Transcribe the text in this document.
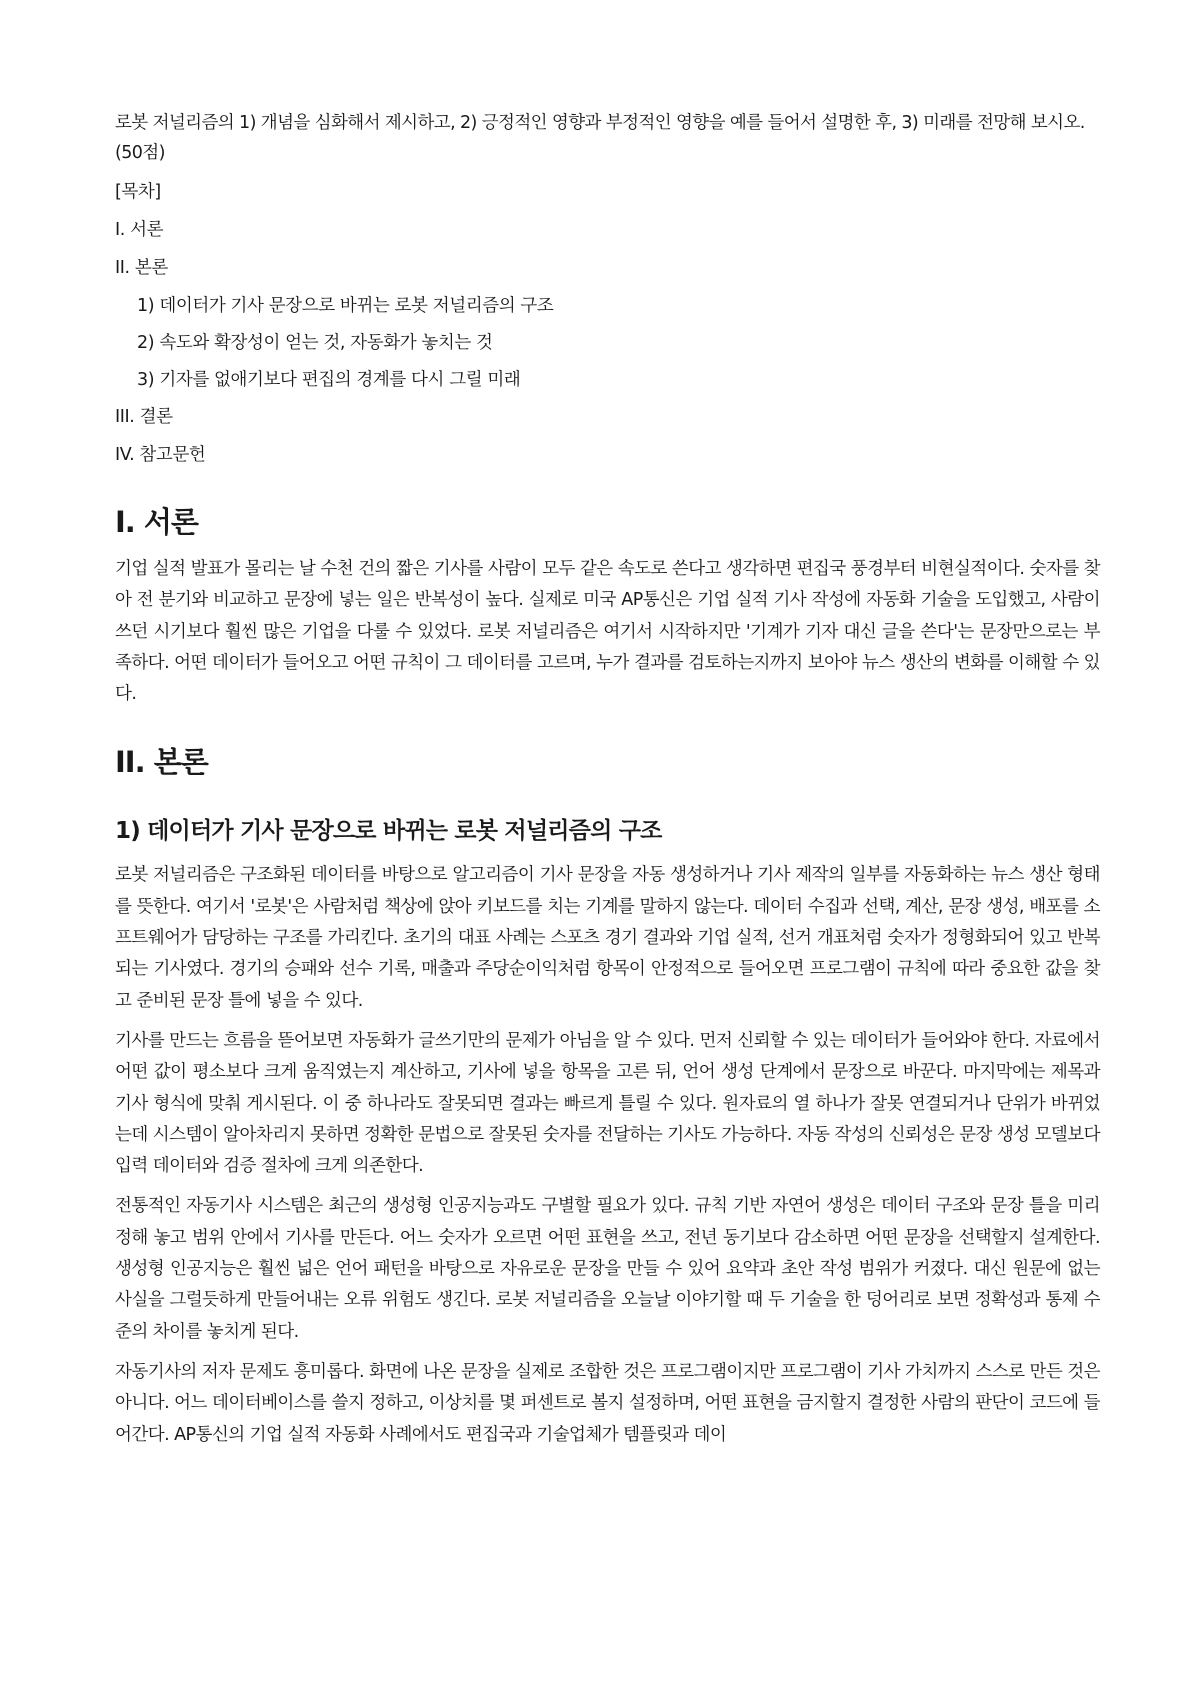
로봇 저널리즘의 1) 개념을 심화해서 제시하고, 2) 긍정적인 영향과 부정적인 영향을 예를 들어서 설명한 후, 3) 미래를 전망해 보시오. (50점)

[목차]

I. 서론

II. 본론

1) 데이터가 기사 문장으로 바뀌는 로봇 저널리즘의 구조

2) 속도와 확장성이 얻는 것, 자동화가 놓치는 것

3) 기자를 없애기보다 편집의 경계를 다시 그릴 미래

III. 결론

IV. 참고문헌

I. 서론

기업 실적 발표가 몰리는 날 수천 건의 짧은 기사를 사람이 모두 같은 속도로 쓴다고 생각하면 편집국 풍경부터 비현실적이다. 숫자를 찾아 전 분기와 비교하고 문장에 넣는 일은 반복성이 높다. 실제로 미국 AP통신은 기업 실적 기사 작성에 자동화 기술을 도입했고, 사람이 쓰던 시기보다 훨씬 많은 기업을 다룰 수 있었다. 로봇 저널리즘은 여기서 시작하지만 '기계가 기자 대신 글을 쓴다'는 문장만으로는 부족하다. 어떤 데이터가 들어오고 어떤 규칙이 그 데이터를 고르며, 누가 결과를 검토하는지까지 보아야 뉴스 생산의 변화를 이해할 수 있다.

II. 본론
1) 데이터가 기사 문장으로 바뀌는 로봇 저널리즘의 구조

로봇 저널리즘은 구조화된 데이터를 바탕으로 알고리즘이 기사 문장을 자동 생성하거나 기사 제작의 일부를 자동화하는 뉴스 생산 형태를 뜻한다. 여기서 '로봇'은 사람처럼 책상에 앉아 키보드를 치는 기계를 말하지 않는다. 데이터 수집과 선택, 계산, 문장 생성, 배포를 소프트웨어가 담당하는 구조를 가리킨다. 초기의 대표 사례는 스포츠 경기 결과와 기업 실적, 선거 개표처럼 숫자가 정형화되어 있고 반복되는 기사였다. 경기의 승패와 선수 기록, 매출과 주당순이익처럼 항목이 안정적으로 들어오면 프로그램이 규칙에 따라 중요한 값을 찾고 준비된 문장 틀에 넣을 수 있다.

기사를 만드는 흐름을 뜯어보면 자동화가 글쓰기만의 문제가 아님을 알 수 있다. 먼저 신뢰할 수 있는 데이터가 들어와야 한다. 자료에서 어떤 값이 평소보다 크게 움직였는지 계산하고, 기사에 넣을 항목을 고른 뒤, 언어 생성 단계에서 문장으로 바꾼다. 마지막에는 제목과 기사 형식에 맞춰 게시된다. 이 중 하나라도 잘못되면 결과는 빠르게 틀릴 수 있다. 원자료의 열 하나가 잘못 연결되거나 단위가 바뀌었는데 시스템이 알아차리지 못하면 정확한 문법으로 잘못된 숫자를 전달하는 기사도 가능하다. 자동 작성의 신뢰성은 문장 생성 모델보다 입력 데이터와 검증 절차에 크게 의존한다.

전통적인 자동기사 시스템은 최근의 생성형 인공지능과도 구별할 필요가 있다. 규칙 기반 자연어 생성은 데이터 구조와 문장 틀을 미리 정해 놓고 범위 안에서 기사를 만든다. 어느 숫자가 오르면 어떤 표현을 쓰고, 전년 동기보다 감소하면 어떤 문장을 선택할지 설계한다. 생성형 인공지능은 훨씬 넓은 언어 패턴을 바탕으로 자유로운 문장을 만들 수 있어 요약과 초안 작성 범위가 커졌다. 대신 원문에 없는 사실을 그럴듯하게 만들어내는 오류 위험도 생긴다. 로봇 저널리즘을 오늘날 이야기할 때 두 기술을 한 덩어리로 보면 정확성과 통제 수준의 차이를 놓치게 된다.

자동기사의 저자 문제도 흥미롭다. 화면에 나온 문장을 실제로 조합한 것은 프로그램이지만 프로그램이 기사 가치까지 스스로 만든 것은 아니다. 어느 데이터베이스를 쓸지 정하고, 이상치를 몇 퍼센트로 볼지 설정하며, 어떤 표현을 금지할지 결정한 사람의 판단이 코드에 들어간다. AP통신의 기업 실적 자동화 사례에서도 편집국과 기술업체가 템플릿과 데이
